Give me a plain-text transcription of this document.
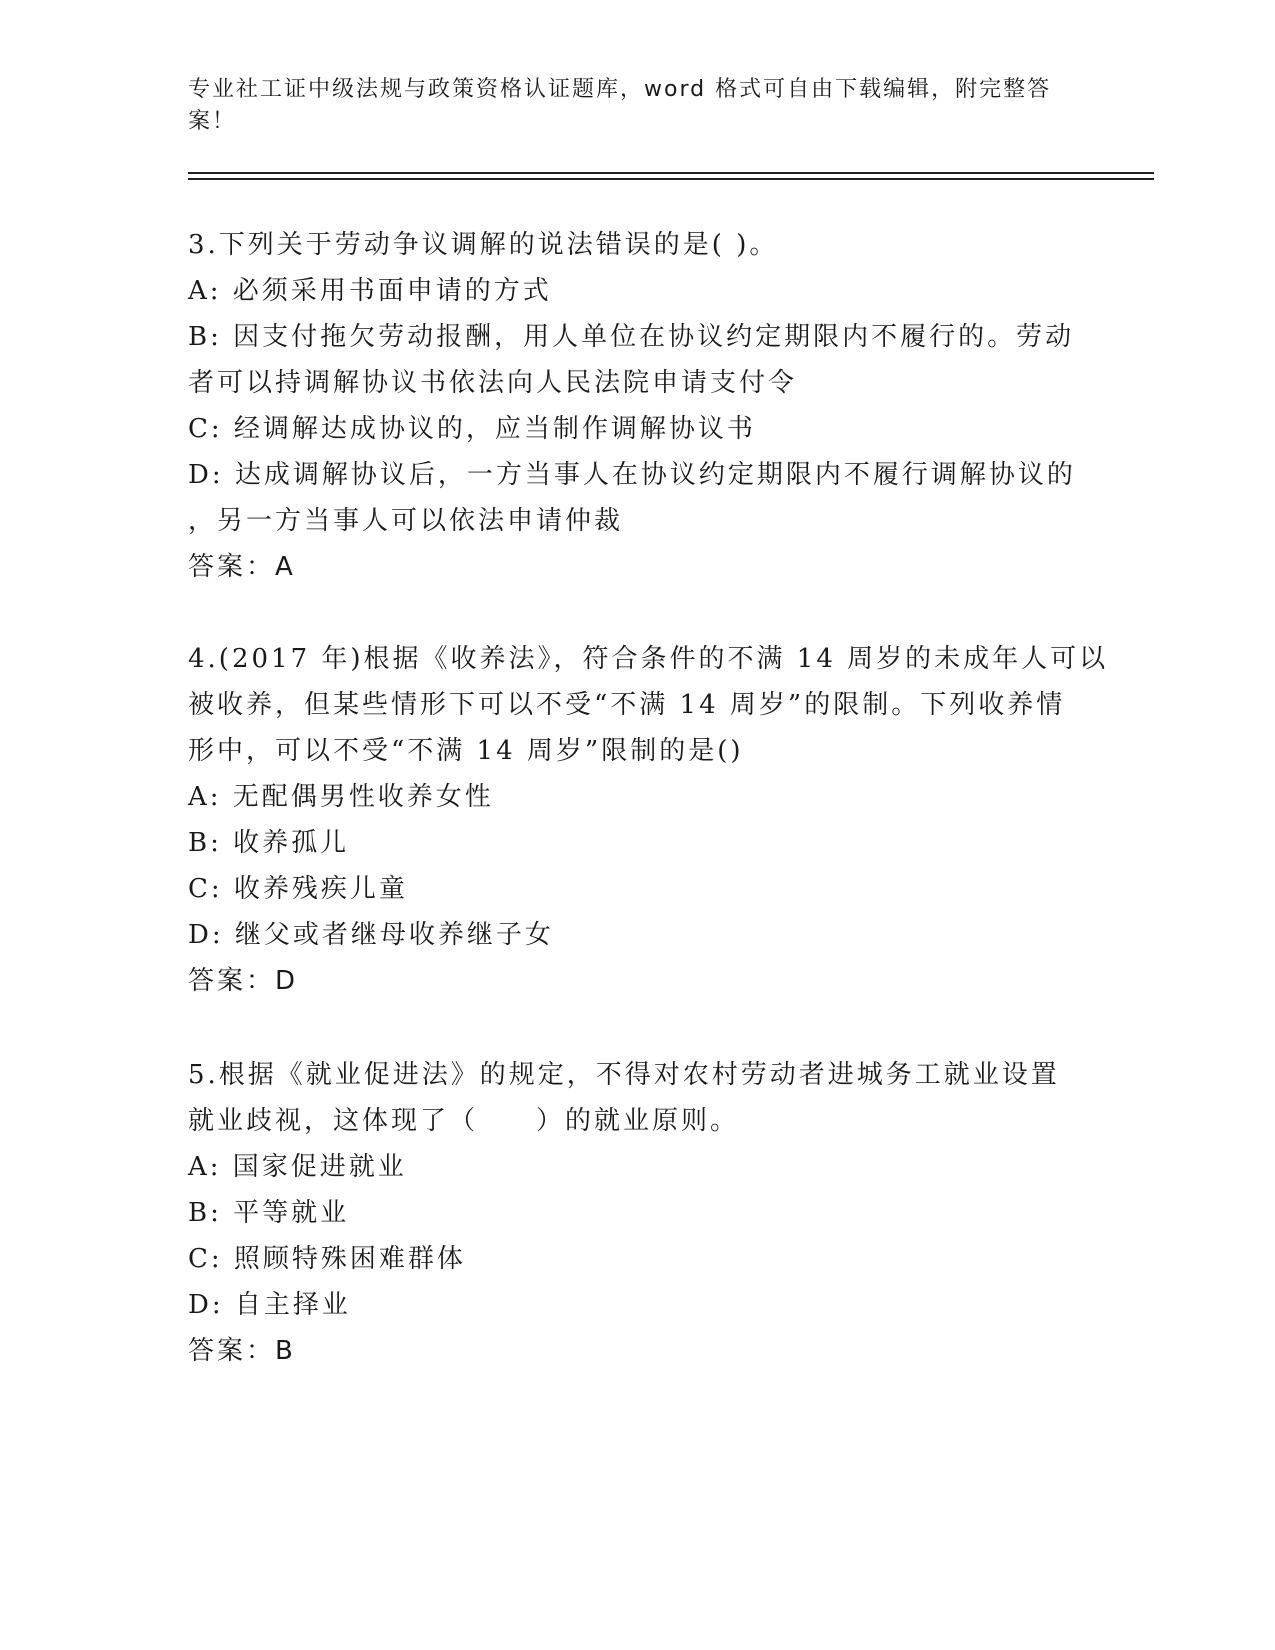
专业社工证中级法规与政策资格认证题库，word 格式可自由下载编辑，附完整答
案！
3.下列关于劳动争议调解的说法错误的是( )。
A: 必须采用书面申请的方式
B: 因支付拖欠劳动报酬，用人单位在协议约定期限内不履行的。劳动
者可以持调解协议书依法向人民法院申请支付令
C: 经调解达成协议的，应当制作调解协议书
D: 达成调解协议后，一方当事人在协议约定期限内不履行调解协议的
，另一方当事人可以依法申请仲裁
答案：A
4.(2017 年)根据《收养法》，符合条件的不满 14 周岁的未成年人可以
被收养，但某些情形下可以不受“不满 14 周岁”的限制。下列收养情
形中，可以不受“不满 14 周岁”限制的是()
A: 无配偶男性收养女性
B: 收养孤儿
C: 收养残疾儿童
D: 继父或者继母收养继子女
答案：D
5.根据《就业促进法》的规定，不得对农村劳动者进城务工就业设置
就业歧视，这体现了（　　）的就业原则。
A: 国家促进就业
B: 平等就业
C: 照顾特殊困难群体
D: 自主择业
答案：B
